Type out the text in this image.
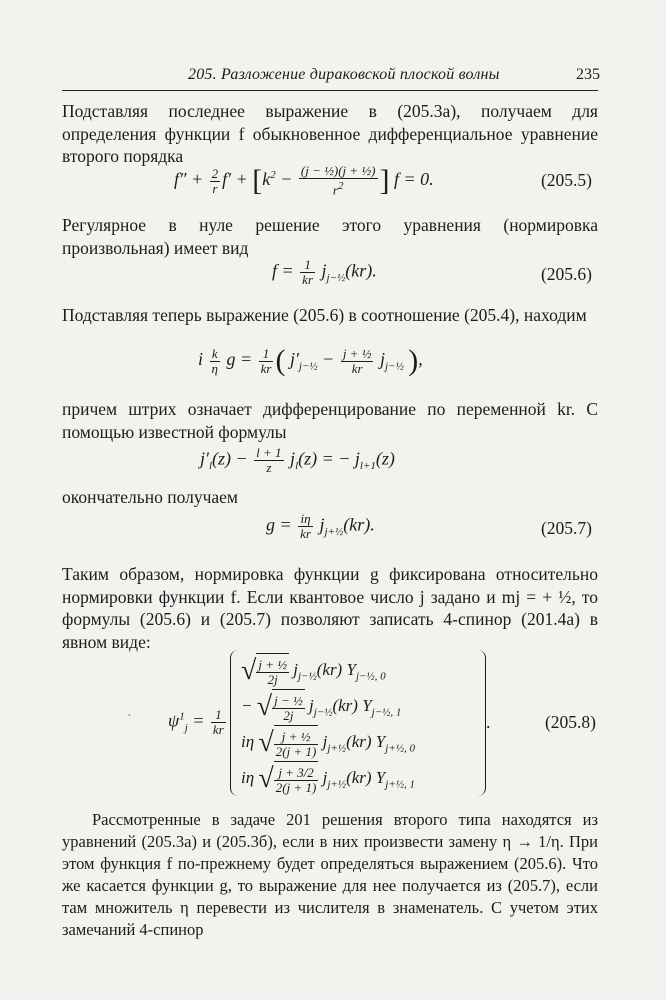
205. Разложение дираковской плоской волны	235
Подставляя последнее выражение в (205.3а), получаем для определения функции f обыкновенное дифференциальное уравнение второго порядка
$f'' + \frac{2}{r} f' + [k^2 - \frac{\text{(j − ½)(j + ½)}}{r^2}$ ] f = 0.	(205.5)
Регулярное в нуле решение этого уравнения (нормировка произвольная) имеет вид
$f = \frac{1}{kr} j_{j-\frac{1}{2}}(kr)$.	(205.6)
Подставляя теперь выражение (205.6) в соотношение (205.4), находим
i $\frac{k}{\eta}$ $g = \frac{1}{kr}$ ( $j'_{j-\frac{1}{2}} - \frac{\text{j + ½}}{kr} j_{j-\frac{1}{2}}$ ),
причем штрих означает дифференцирование по переменной kr. С помощью известной формулы
$j'_l(z) - \frac{l + 1}{z} j_l(z)$ = − $j_{l+1}(z)$
окончательно получаем
$g = \frac{i\eta}{kr} j_{j+\frac{1}{2}}(kr)$.	(205.7)
Таким образом, нормировка функции g фиксирована относительно нормировки функции f. Если квантовое число j задано и mj = + ½, то формулы (205.6) и (205.7) позволяют записать 4-спинор (201.4а) в явном виде:
· $\psi^1_j = \frac{1}{kr}$
√ $\frac{\text{j + ½}}{2j} j_{j-\frac{1}{2}}(kr)$ $Y_{j-\frac{1}{2}, 0}$
− √ $\frac{\text{j − ½}}{2j} j_{j-\frac{1}{2}}(kr)$ $Y_{j-\frac{1}{2}, 1}$
iη √ $\frac{\text{j + ½}}{2(j + 1)} j_{j+\frac{1}{2}}(kr)$ $Y_{j+\frac{1}{2}, 0}$
iη √ $\frac{j + 3/2}{2(j + 1)} j_{j+\frac{1}{2}}(kr)$ $Y_{j+\frac{1}{2}, 1}$
.	(205.8)
Рассмотренные в задаче 201 решения второго типа находятся из уравнений (205.3а) и (205.3б), если в них произвести замену η → 1/η. При этом функция f по-прежнему будет определяться выражением (205.6). Что же касается функции g, то выражение для нее получается из (205.7), если там множитель η перевести из числителя в знаменатель. С учетом этих замечаний 4-спинор
